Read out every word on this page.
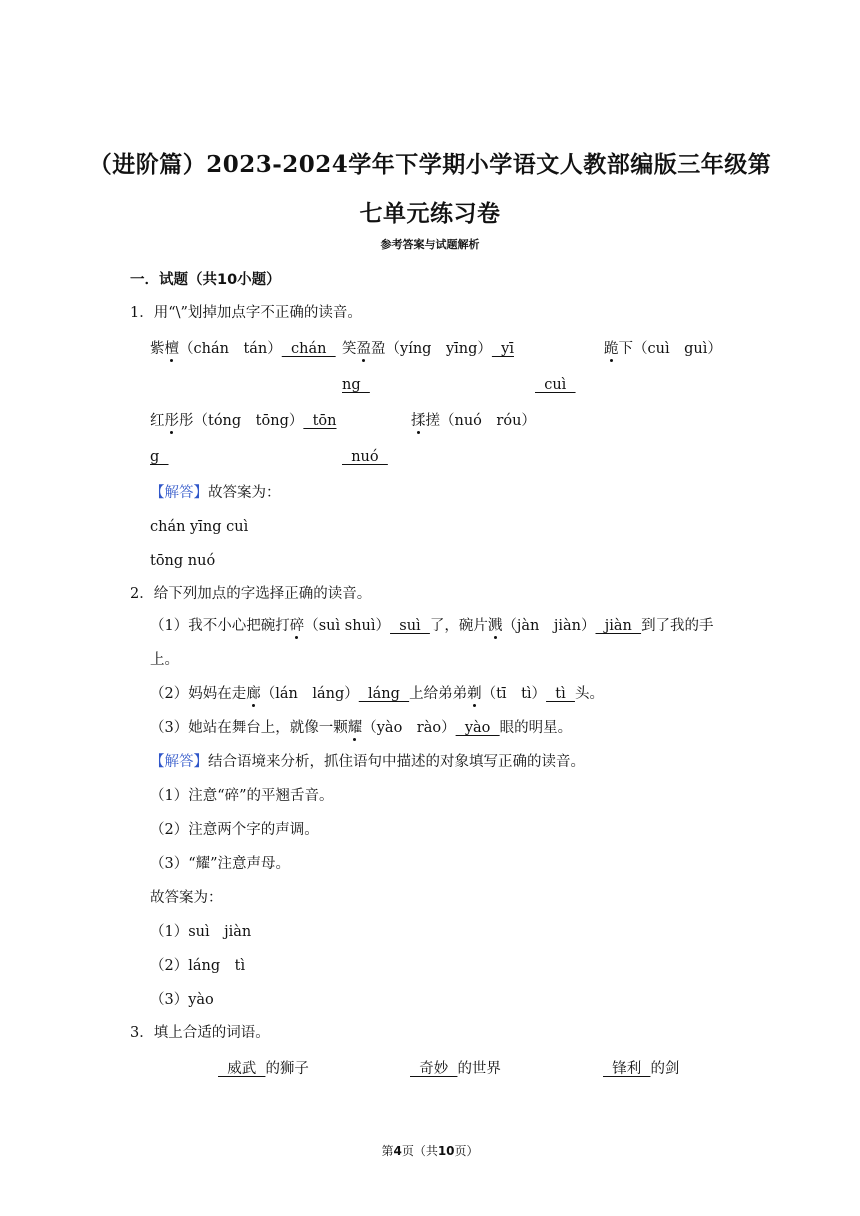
（进阶篇）2023-2024学年下学期小学语文人教部编版三年级第
七单元练习卷
参考答案与试题解析
一．试题（共10小题）
1．用“\”划掉加点字不正确的读音。
紫檀（chán　tán）  chán 笑盈盈（yíng　yīng）  yī	跪下（cuì　guì）
ng	cuì
红彤彤（tóng　tōng）  tōn	揉搓（nuó　róu）
g	nuó
【解答】故答案为：
chán yīng cuì
tōng nuó
2．给下列加点的字选择正确的读音。
（1）我不小心把碗打碎（suì shuì）  suì  了，碗片溅（jàn　jiàn）  jiàn  到了我的手
上。
（2）妈妈在走廊（lán　láng）  láng  上给弟弟剃（tī　tì）  tì  头。
（3）她站在舞台上，就像一颗耀（yào　rào）  yào  眼的明星。
【解答】结合语境来分析，抓住语句中描述的对象填写正确的读音。
（1）注意“碎”的平翘舌音。
（2）注意两个字的声调。
（3）“耀”注意声母。
故答案为：
（1）suì　jiàn
（2）láng　tì
（3）yào
3．填上合适的词语。
威武  的狮子	奇妙  的世界	锋利  的剑
第4页（共10页）
